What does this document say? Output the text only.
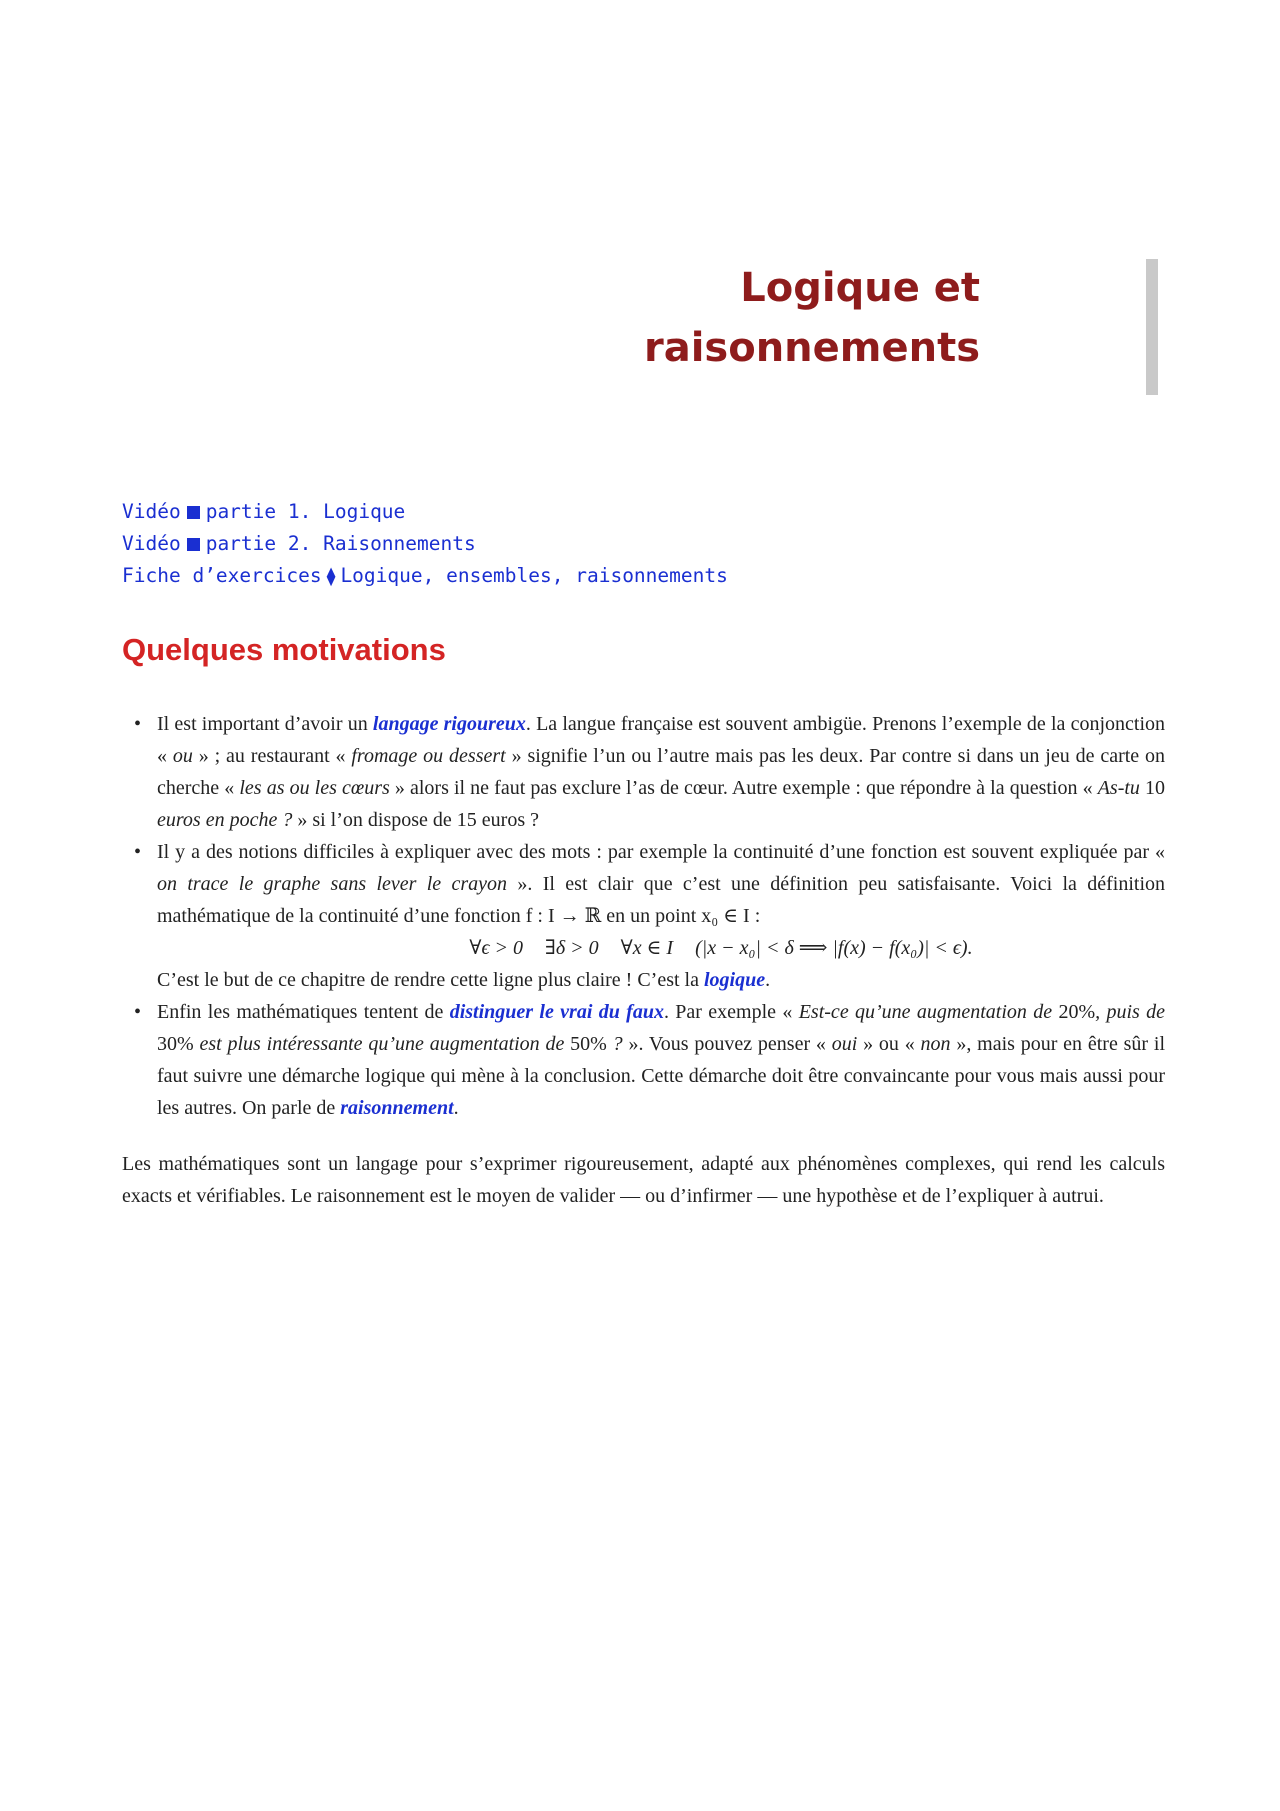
Logique et
raisonnements
Vidéo partie 1. Logique
Vidéo partie 2. Raisonnements
Fiche d’exercices ⧫ Logique, ensembles, raisonnements
Quelques motivations
• Il est important d’avoir un langage rigoureux. La langue française est souvent ambigüe. Prenons l’exemple de la conjonction « ou » ; au restaurant « fromage ou dessert » signifie l’un ou l’autre mais pas les deux. Par contre si dans un jeu de carte on cherche « les as ou les cœurs » alors il ne faut pas exclure l’as de cœur. Autre exemple : que répondre à la question « As-tu 10 euros en poche ? » si l’on dispose de 15 euros ?
• Il y a des notions difficiles à expliquer avec des mots : par exemple la continuité d’une fonction est souvent expliquée par « on trace le graphe sans lever le crayon ». Il est clair que c’est une définition peu satisfaisante. Voici la définition mathématique de la continuité d’une fonction f : I → ℝ en un point x₀ ∈ I :
∀ϵ > 0 ∃δ > 0 ∀x ∈ I (|x − x₀| < δ ⟹ |f(x) − f(x₀)| < ϵ).
C’est le but de ce chapitre de rendre cette ligne plus claire ! C’est la logique.
• Enfin les mathématiques tentent de distinguer le vrai du faux. Par exemple « Est-ce qu’une augmentation de 20%, puis de 30% est plus intéressante qu’une augmentation de 50% ? ». Vous pouvez penser « oui » ou « non », mais pour en être sûr il faut suivre une démarche logique qui mène à la conclusion. Cette démarche doit être convaincante pour vous mais aussi pour les autres. On parle de raisonnement.

Les mathématiques sont un langage pour s’exprimer rigoureusement, adapté aux phénomènes complexes, qui rend les calculs exacts et vérifiables. Le raisonnement est le moyen de valider — ou d’infirmer — une hypothèse et de l’expliquer à autrui.
